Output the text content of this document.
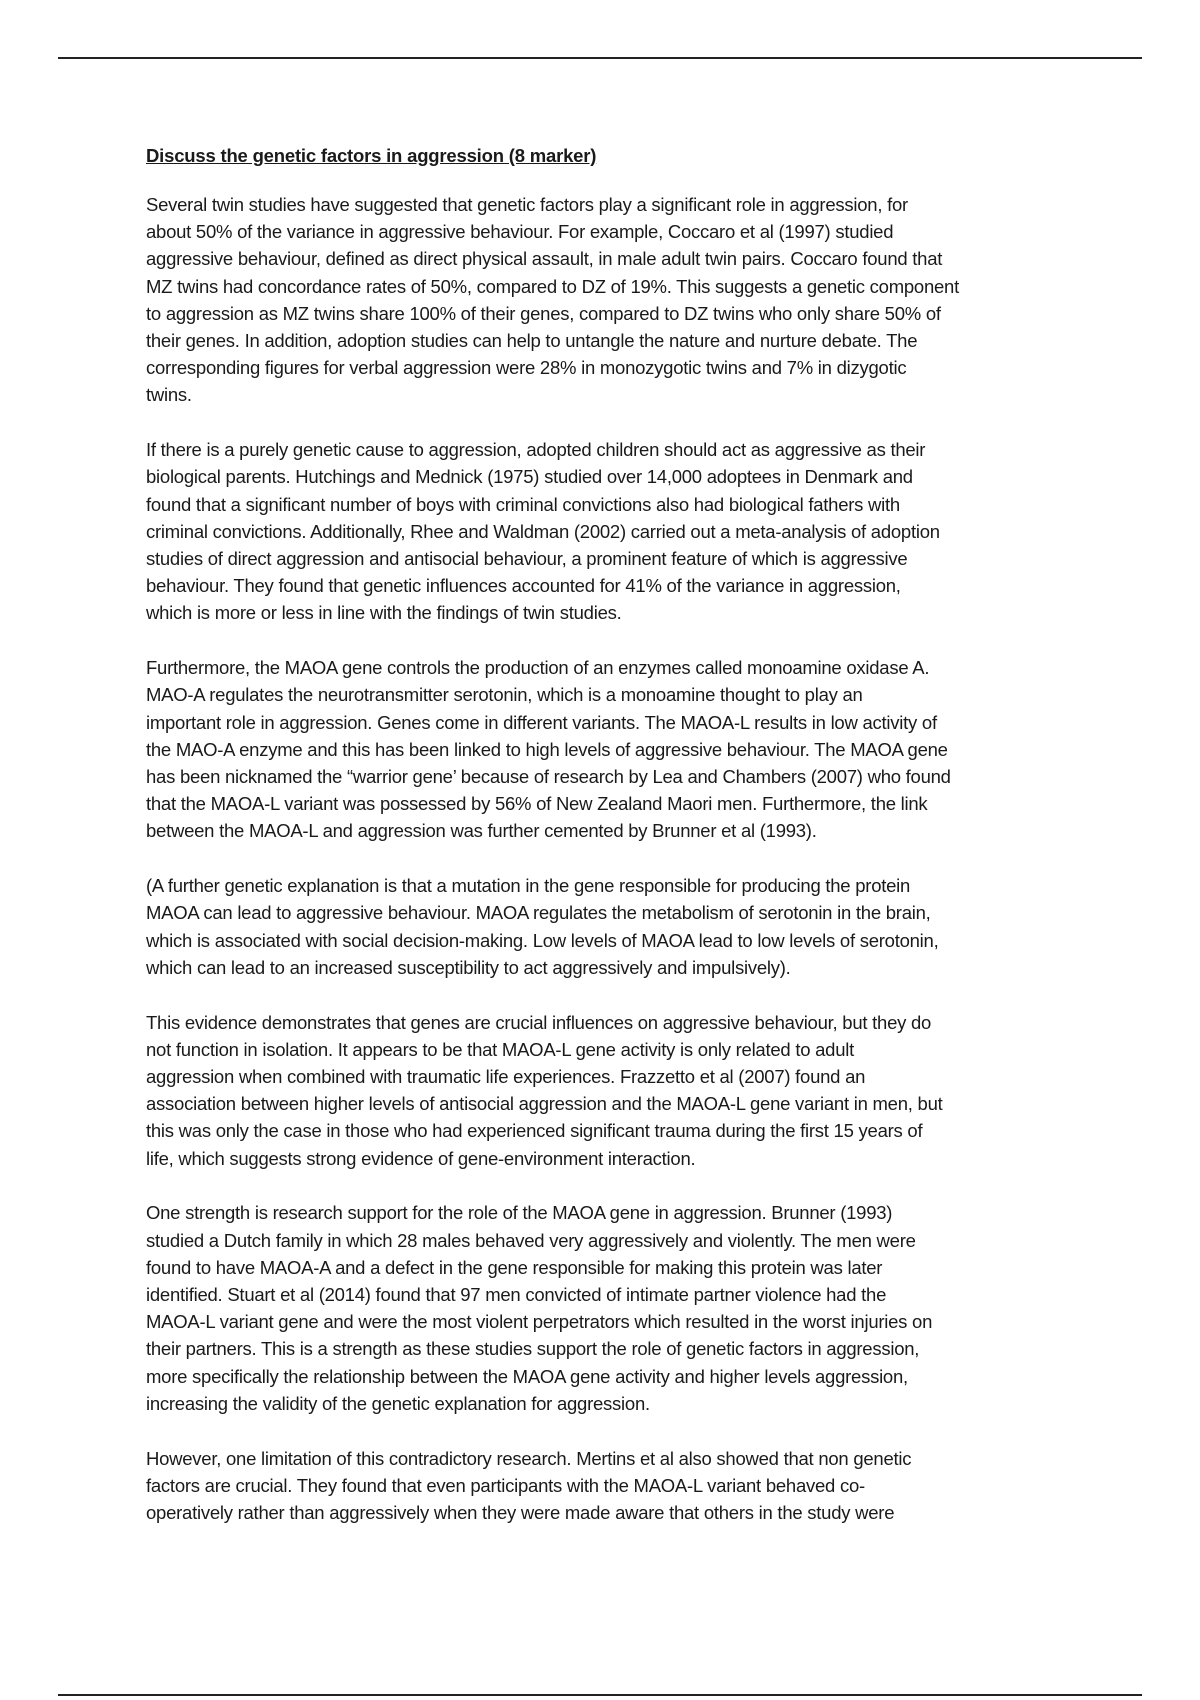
Discuss the genetic factors in aggression (8 marker)
Several twin studies have suggested that genetic factors play a significant role in aggression, for
about 50% of the variance in aggressive behaviour. For example, Coccaro et al (1997) studied
aggressive behaviour, defined as direct physical assault, in male adult twin pairs. Coccaro found that
MZ twins had concordance rates of 50%, compared to DZ of 19%. This suggests a genetic component
to aggression as MZ twins share 100% of their genes, compared to DZ twins who only share 50% of
their genes. In addition, adoption studies can help to untangle the nature and nurture debate. The
corresponding figures for verbal aggression were 28% in monozygotic twins and 7% in dizygotic
twins.
If there is a purely genetic cause to aggression, adopted children should act as aggressive as their
biological parents. Hutchings and Mednick (1975) studied over 14,000 adoptees in Denmark and
found that a significant number of boys with criminal convictions also had biological fathers with
criminal convictions. Additionally, Rhee and Waldman (2002) carried out a meta-analysis of adoption
studies of direct aggression and antisocial behaviour, a prominent feature of which is aggressive
behaviour. They found that genetic influences accounted for 41% of the variance in aggression,
which is more or less in line with the findings of twin studies.
Furthermore, the MAOA gene controls the production of an enzymes called monoamine oxidase A.
MAO-A regulates the neurotransmitter serotonin, which is a monoamine thought to play an
important role in aggression. Genes come in different variants. The MAOA-L results in low activity of
the MAO-A enzyme and this has been linked to high levels of aggressive behaviour. The MAOA gene
has been nicknamed the “warrior gene’ because of research by Lea and Chambers (2007) who found
that the MAOA-L variant was possessed by 56% of New Zealand Maori men. Furthermore, the link
between the MAOA-L and aggression was further cemented by Brunner et al (1993).
(A further genetic explanation is that a mutation in the gene responsible for producing the protein
MAOA can lead to aggressive behaviour. MAOA regulates the metabolism of serotonin in the brain,
which is associated with social decision-making. Low levels of MAOA lead to low levels of serotonin,
which can lead to an increased susceptibility to act aggressively and impulsively).
This evidence demonstrates that genes are crucial influences on aggressive behaviour, but they do
not function in isolation. It appears to be that MAOA-L gene activity is only related to adult
aggression when combined with traumatic life experiences. Frazzetto et al (2007) found an
association between higher levels of antisocial aggression and the MAOA-L gene variant in men, but
this was only the case in those who had experienced significant trauma during the first 15 years of
life, which suggests strong evidence of gene-environment interaction.
One strength is research support for the role of the MAOA gene in aggression. Brunner (1993)
studied a Dutch family in which 28 males behaved very aggressively and violently. The men were
found to have MAOA-A and a defect in the gene responsible for making this protein was later
identified. Stuart et al (2014) found that 97 men convicted of intimate partner violence had the
MAOA-L variant gene and were the most violent perpetrators which resulted in the worst injuries on
their partners. This is a strength as these studies support the role of genetic factors in aggression,
more specifically the relationship between the MAOA gene activity and higher levels aggression,
increasing the validity of the genetic explanation for aggression.
However, one limitation of this contradictory research. Mertins et al also showed that non genetic
factors are crucial. They found that even participants with the MAOA-L variant behaved co-
operatively rather than aggressively when they were made aware that others in the study were
